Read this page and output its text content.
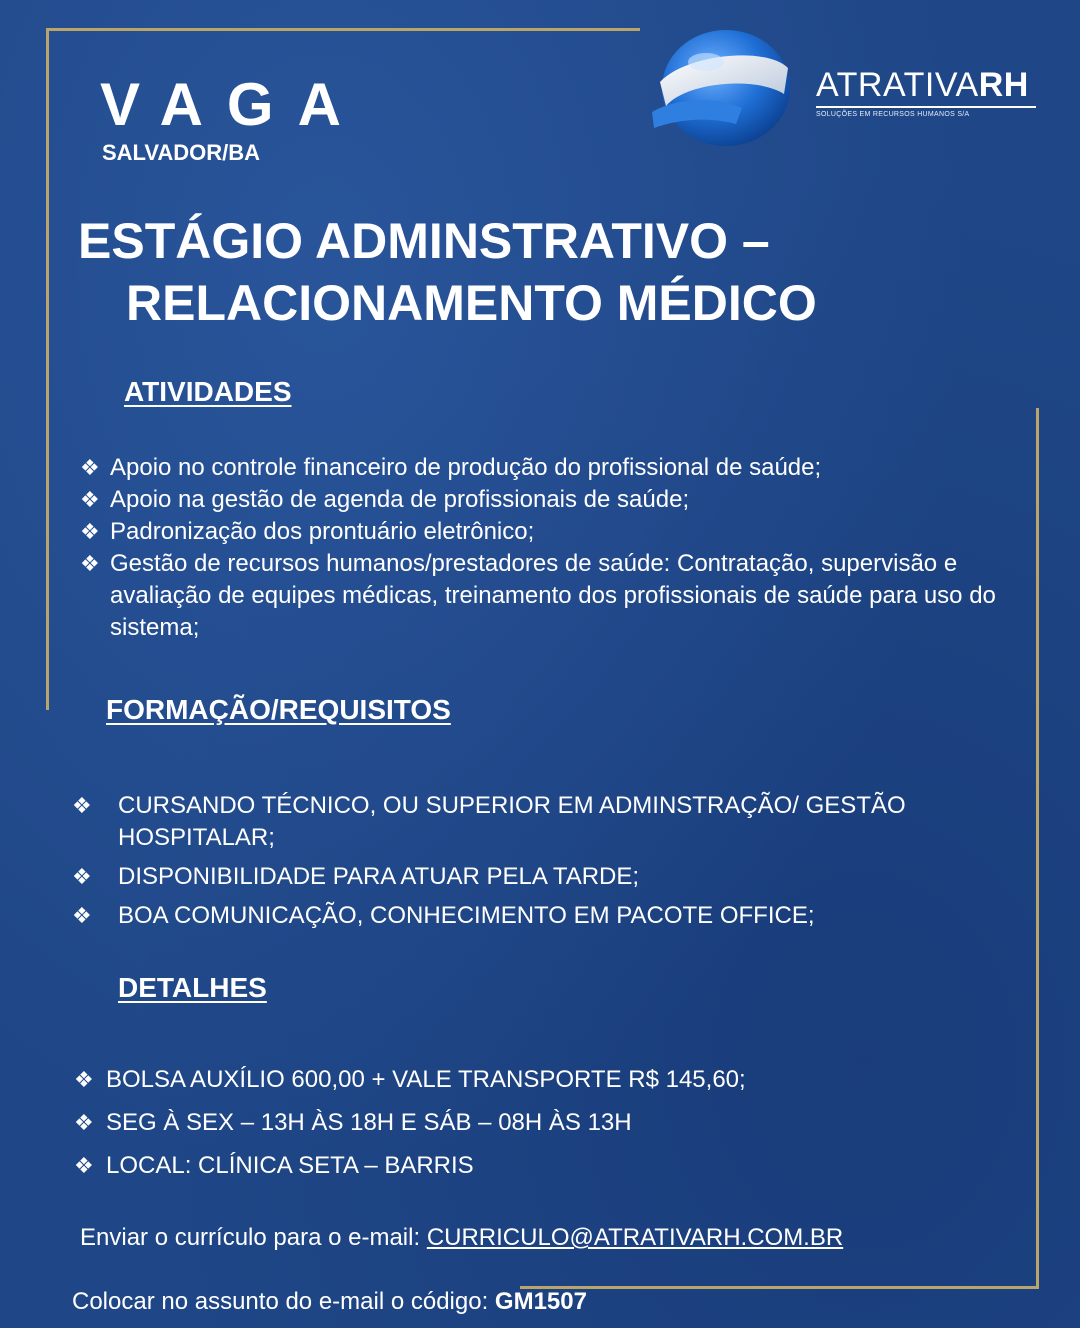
VAGA
SALVADOR/BA
ATRATIVARH
SOLUÇÕES EM RECURSOS HUMANOS S/A
ESTÁGIO ADMINSTRATIVO –
RELACIONAMENTO MÉDICO
ATIVIDADES
❖ Apoio no controle financeiro de produção do profissional de saúde;
❖ Apoio na gestão de agenda de profissionais de saúde;
❖ Padronização dos prontuário eletrônico;
❖ Gestão de recursos humanos/prestadores de saúde: Contratação, supervisão e avaliação de equipes médicas, treinamento dos profissionais de saúde para uso do sistema;
FORMAÇÃO/REQUISITOS
❖ CURSANDO TÉCNICO, OU SUPERIOR EM ADMINSTRAÇÃO/ GESTÃO HOSPITALAR;
❖ DISPONIBILIDADE PARA ATUAR PELA TARDE;
❖ BOA COMUNICAÇÃO, CONHECIMENTO EM PACOTE OFFICE;
DETALHES
❖ BOLSA AUXÍLIO 600,00 + VALE TRANSPORTE R$ 145,60;
❖ SEG À SEX – 13H ÀS 18H E SÁB – 08H ÀS 13H
❖ LOCAL: CLÍNICA SETA – BARRIS
Enviar o currículo para o e-mail: CURRICULO@ATRATIVARH.COM.BR
Colocar no assunto do e-mail o código: GM1507
